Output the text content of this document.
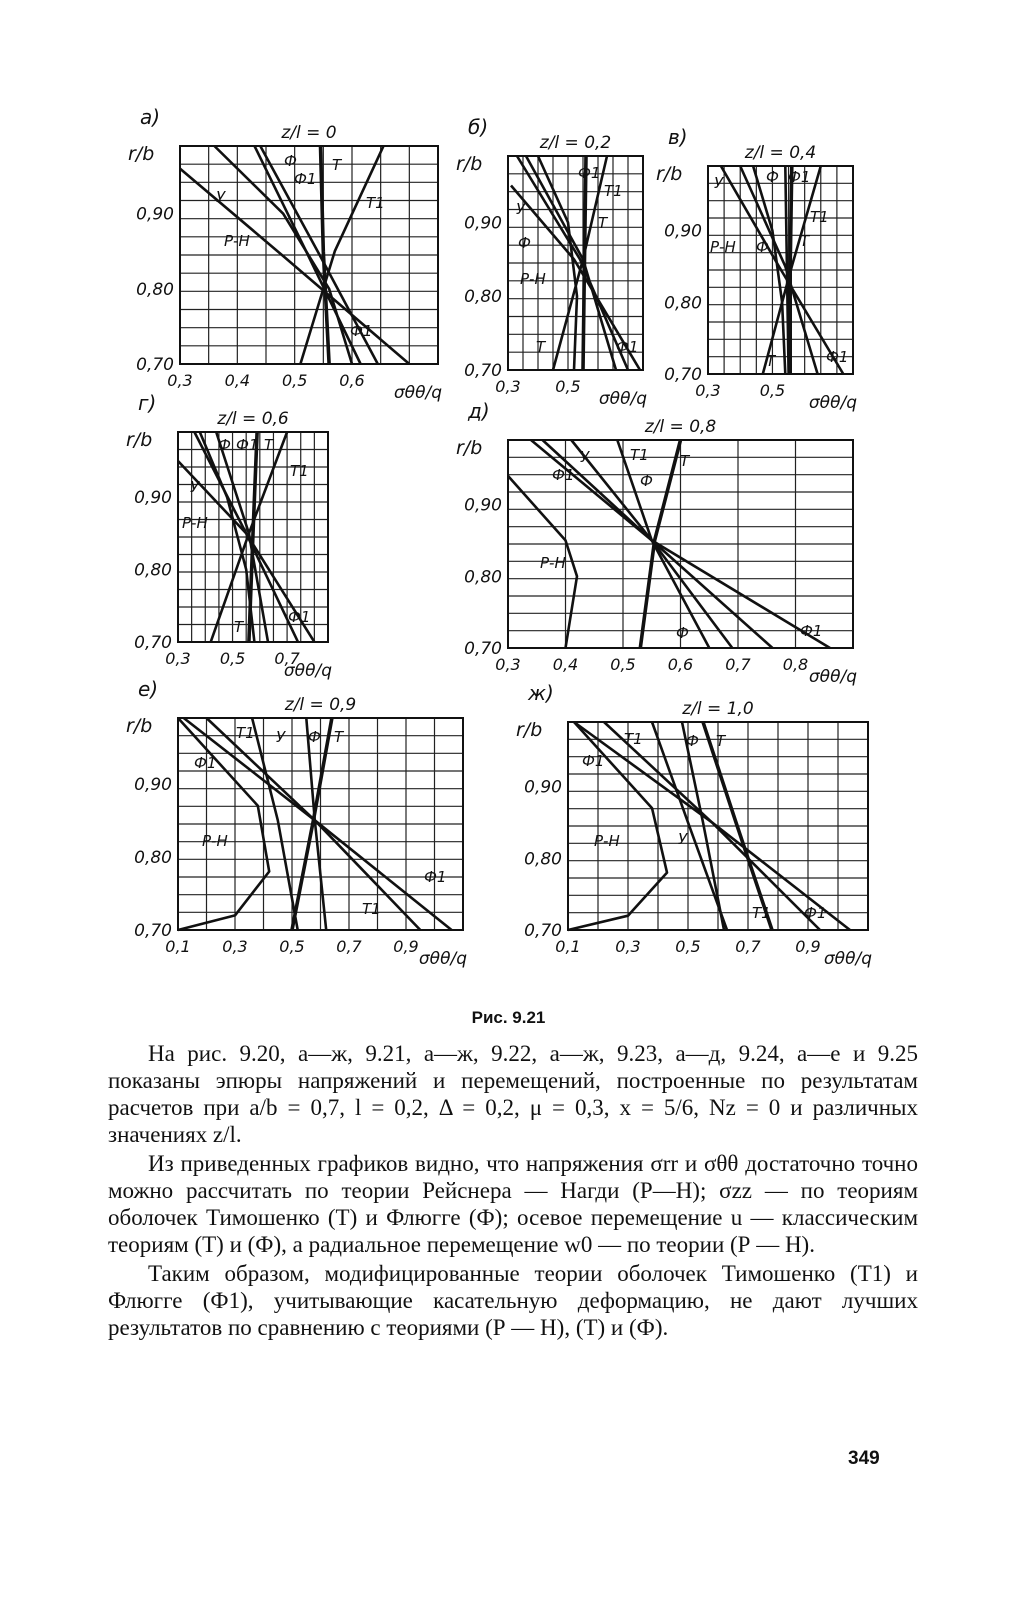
Ф
Ф1
Т
Т1
У
Р-Н
Ф1
0,70
0,80
0,90
0,3 0,4 0,5 0,6
σθθ/q
r/b
а)
z/l = 0
Ф1
Т1
Т
У
Ф
Р-Н
Т	Ф1
0,70
0,80
0,90
0,3 0,5
σθθ/q
r/b
б)
z/l = 0,2
У	Ф Ф1
Т1
Т
Р-Н Ф
Т	Ф1
0,70
0,80
0,90
0,3 0,5
σθθ/q
r/b
в)
z/l = 0,4
Ф Ф1 Т
Т1
У
Р-Н
Т
Ф1
0,70
0,80
0,90
0,3 0,5 0,7
σθθ/q
r/b
г)
z/l = 0,6
У	Т1 Т
Ф1	Ф
Р-Н
Ф	Ф1
0,70
0,80
0,90
0,3 0,4 0,5 0,6 0,7 0,8
σθθ/q
r/b
д)
z/l = 0,8
Т1 У Ф Т
Ф1
Р-Н
Т1
Ф1
0,70
0,80
0,90
0,1 0,3 0,5 0,7 0,9
σθθ/q
r/b
е)
z/l = 0,9
Т1	Ф Т
Ф1
Р-Н	У
Т1 Ф1
0,70
0,80
0,90
0,1 0,3 0,5 0,7 0,9
σθθ/q
r/b
ж)
z/l = 1,0
Рис. 9.21

На рис. 9.20, а—ж, 9.21, а—ж, 9.22, а—ж, 9.23, а—д, 9.24, а—е и 9.25 показаны эпюры напряжений и перемещений, построенные по результатам расчетов при a/b = 0,7, l = 0,2, Δ = 0,2, μ = 0,3, x = 5/6, Nz = 0 и различных значениях z/l.

Из приведенных графиков видно, что напряжения σrr и σθθ достаточно точно можно рассчитать по теории Рейснера — Нагди (Р—Н); σzz — по теориям оболочек Тимошенко (Т) и Флюгге (Ф); осевое перемещение u — классическим теориям (Т) и (Ф), а радиальное перемещение w0 — по теории (Р — Н).

Таким образом, модифицированные теории оболочек Тимошенко (Т1) и Флюгге (Ф1), учитывающие касательную деформацию, не дают лучших результатов по сравнению с теориями (Р — Н), (Т) и (Ф).

349
